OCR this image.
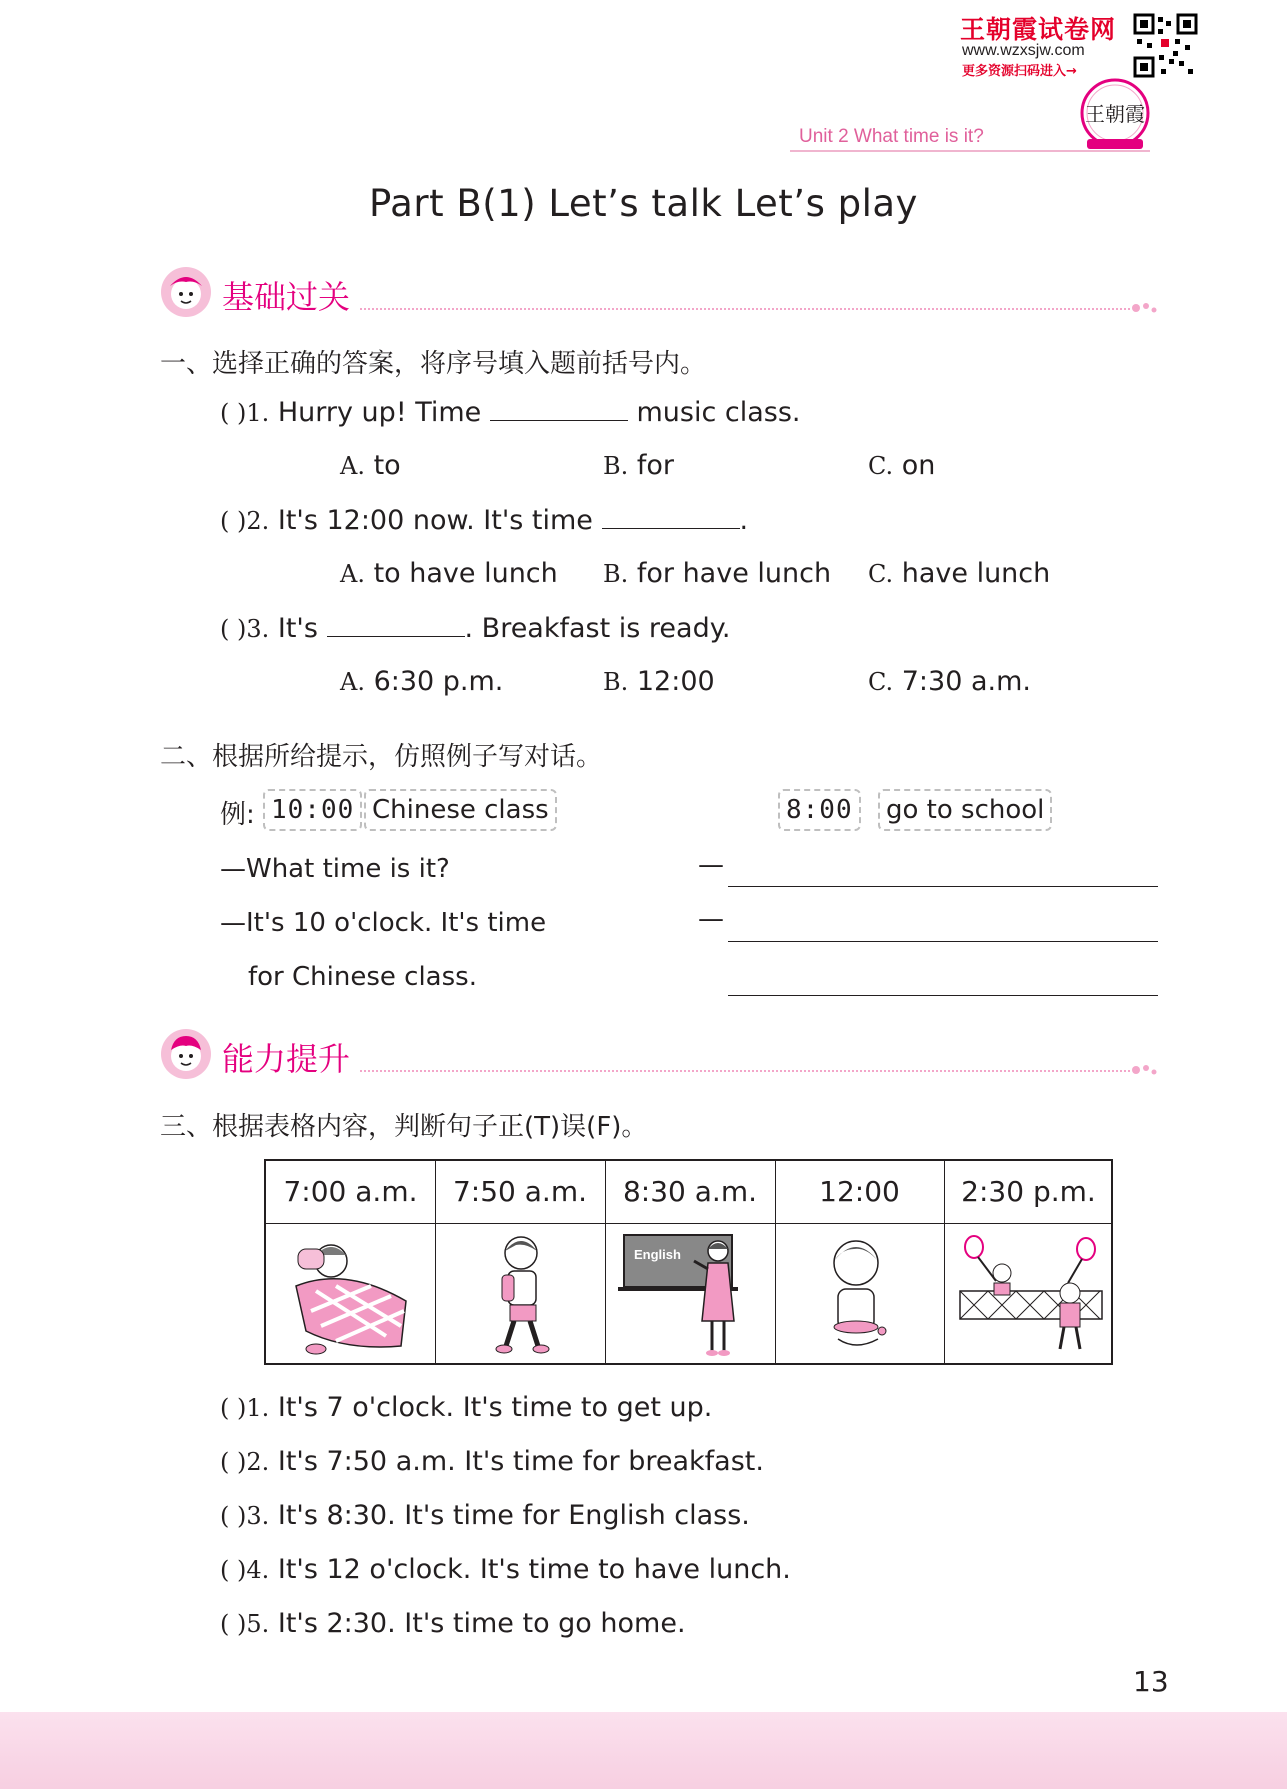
王朝霞试卷网
www.wzxsjw.com
更多资源扫码进入→
王朝霞
Unit 2 What time is it?
Part B(1) Let’s talk Let’s play
基础过关
一、选择正确的答案，将序号填入题前括号内。
( )1. Hurry up! Time	music class.
A. to	B. for	C. on
( )2. It's 12:00 now. It's time	.
A. to have lunch B. for have lunch C. have lunch
( )3. It's	. Breakfast is ready.
A. 6:30 p.m.	B. 12:00	C. 7:30 a.m.
二、根据所给提示，仿照例子写对话。
例: 10:00 Chinese class	8:00	go to school
—What time is it?
—It's 10 o'clock. It's time
for Chinese class.
—
—
能力提升
三、根据表格内容，判断句子正(T)误(F)。
7:00 a.m.	7:50 a.m.	8:30 a.m.	12:00	2:30 p.m.
English
( )1. It's 7 o'clock. It's time to get up.
( )2. It's 7:50 a.m. It's time for breakfast.
( )3. It's 8:30. It's time for English class.
( )4. It's 12 o'clock. It's time to have lunch.
( )5. It's 2:30. It's time to go home.
13
